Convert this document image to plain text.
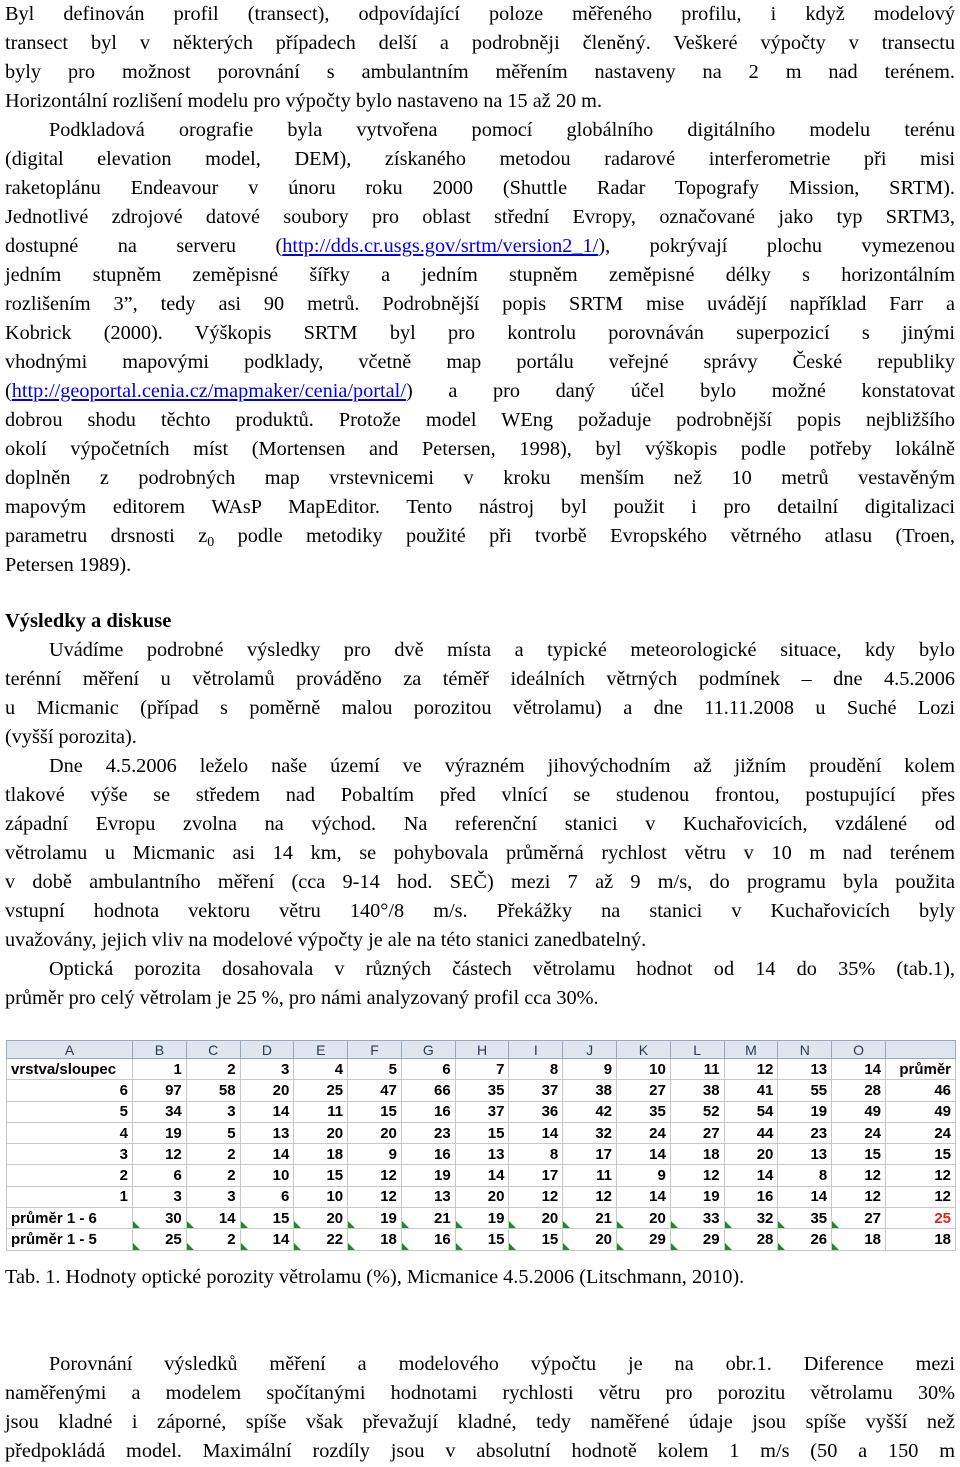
Byl definován profil (transect), odpovídající poloze měřeného profilu, i když modelový
transect byl v některých případech delší a podrobněji členěný. Veškeré výpočty v transectu
byly pro možnost porovnání s ambulantním měřením nastaveny na 2 m nad terénem.
Horizontální rozlišení modelu pro výpočty bylo nastaveno na 15 až 20 m.
Podkladová orografie byla vytvořena pomocí globálního digitálního modelu terénu
(digital elevation model, DEM), získaného metodou radarové interferometrie při misi
raketoplánu Endeavour v únoru roku 2000 (Shuttle Radar Topografy Mission, SRTM).
Jednotlivé zdrojové datové soubory pro oblast střední Evropy, označované jako typ SRTM3,
dostupné na serveru (http://dds.cr.usgs.gov/srtm/version2_1/), pokrývají plochu vymezenou
jedním stupněm zeměpisné šířky a jedním stupněm zeměpisné délky s horizontálním
rozlišením 3”, tedy asi 90 metrů. Podrobnější popis SRTM mise uvádějí například Farr a
Kobrick (2000). Výškopis SRTM byl pro kontrolu porovnáván superpozicí s jinými
vhodnými mapovými podklady, včetně map portálu veřejné správy České republiky
(http://geoportal.cenia.cz/mapmaker/cenia/portal/) a pro daný účel bylo možné konstatovat
dobrou shodu těchto produktů. Protože model WEng požaduje podrobnější popis nejbližšího
okolí výpočetních míst (Mortensen and Petersen, 1998), byl výškopis podle potřeby lokálně
doplněn z podrobných map vrstevnicemi v kroku menším než 10 metrů vestavěným
mapovým editorem WAsP MapEditor. Tento nástroj byl použit i pro detailní digitalizaci
parametru drsnosti $z_0$ podle metodiky použité při tvorbě Evropského větrného atlasu (Troen,
Petersen 1989).
Výsledky a diskuse
Uvádíme podrobné výsledky pro dvě místa a typické meteorologické situace, kdy bylo
terénní měření u větrolamů prováděno za téměř ideálních větrných podmínek – dne 4.5.2006
u Micmanic (případ s poměrně malou porozitou větrolamu) a dne 11.11.2008 u Suché Lozi
(vyšší porozita).
Dne 4.5.2006 leželo naše území ve výrazném jihovýchodním až jižním proudění kolem
tlakové výše se středem nad Pobaltím před vlnící se studenou frontou, postupující přes
západní Evropu zvolna na východ. Na referenční stanici v Kuchařovicích, vzdálené od
větrolamu u Micmanic asi 14 km, se pohybovala průměrná rychlost větru v 10 m nad terénem
v době ambulantního měření (cca 9-14 hod. SEČ) mezi 7 až 9 m/s, do programu byla použita
vstupní hodnota vektoru větru 140°/8 m/s. Překážky na stanici v Kuchařovicích byly
uvažovány, jejich vliv na modelové výpočty je ale na této stanici zanedbatelný.
Optická porozita dosahovala v různých částech větrolamu hodnot od 14 do 35% (tab.1),
průměr pro celý větrolam je 25 %, pro námi analyzovaný profil cca 30%.
A	B	C	D	E	F	G	H	I	J	K	L	M	N	O	
vrstva/sloupec	1	2	3	4	5	6	7	8	9	10	11	12	13	14	průměr
6	97	58	20	25	47	66	35	37	38	27	38	41	55	28	46
5	34	3	14	11	15	16	37	36	42	35	52	54	19	49	49
4	19	5	13	20	20	23	15	14	32	24	27	44	23	24	24
3	12	2	14	18	9	16	13	8	17	14	18	20	13	15	15
2	6	2	10	15	12	19	14	17	11	9	12	14	8	12	12
1	3	3	6	10	12	13	20	12	12	14	19	16	14	12	12
průměr 1 - 6	30	14	15	20	19	21	19	20	21	20	33	32	35	27	25
průměr 1 - 5	25	2	14	22	18	16	15	15	20	29	29	28	26	18	18
Tab. 1. Hodnoty optické porozity větrolamu (%), Micmanice 4.5.2006 (Litschmann, 2010).
Porovnání výsledků měření a modelového výpočtu je na obr.1. Diference mezi
naměřenými a modelem spočítanými hodnotami rychlosti větru pro porozitu větrolamu 30%
jsou kladné i záporné, spíše však převažují kladné, tedy naměřené údaje jsou spíše vyšší než
předpokládá model. Maximální rozdíly jsou v absolutní hodnotě kolem 1 m/s (50 a 150 m
